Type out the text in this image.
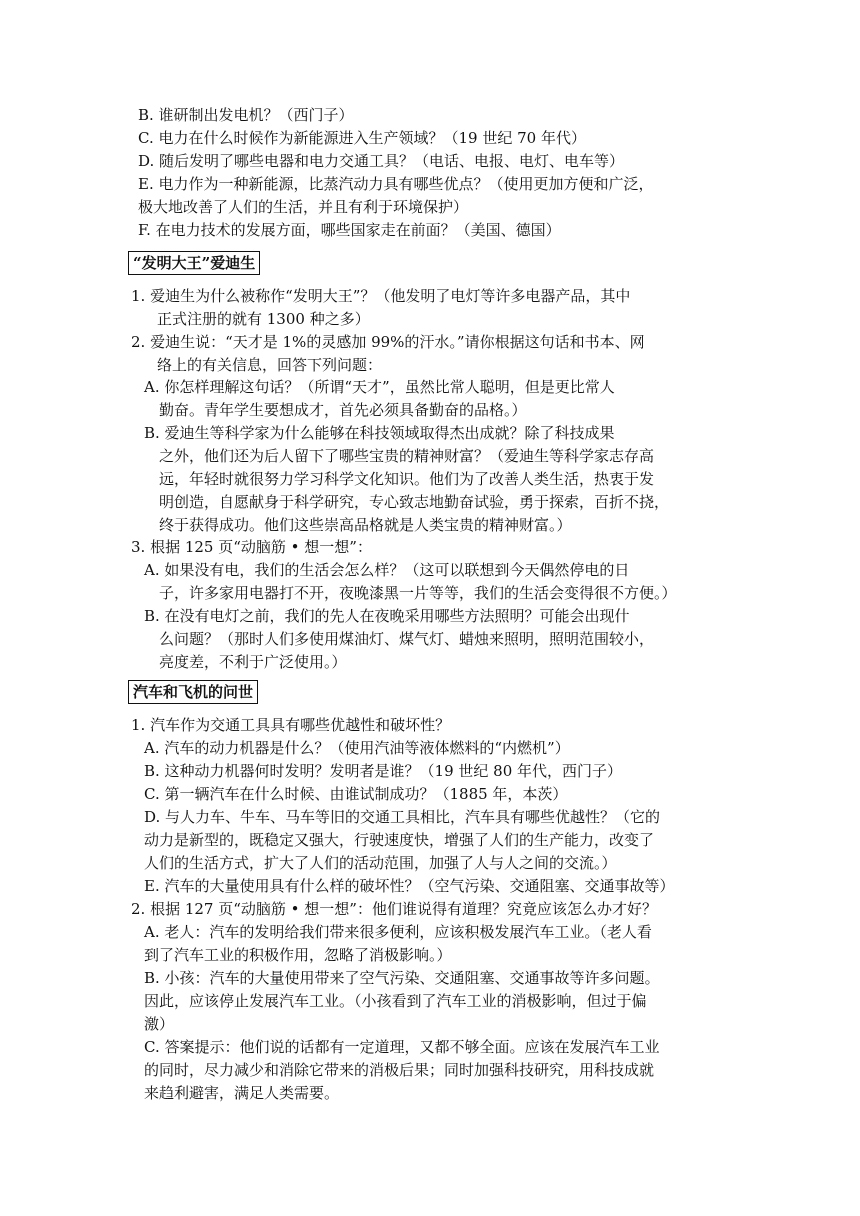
B. 谁研制出发电机？（西门子）
C. 电力在什么时候作为新能源进入生产领域？（19 世纪 70 年代）
D. 随后发明了哪些电器和电力交通工具？（电话、电报、电灯、电车等）
E. 电力作为一种新能源，比蒸汽动力具有哪些优点？（使用更加方便和广泛，
极大地改善了人们的生活，并且有利于环境保护）
F. 在电力技术的发展方面，哪些国家走在前面？（美国、德国）
“发明大王”爱迪生
1. 爱迪生为什么被称作“发明大王”？（他发明了电灯等许多电器产品，其中
正式注册的就有 1300 种之多）
2. 爱迪生说：“天才是 1%的灵感加 99%的汗水。”请你根据这句话和书本、网
络上的有关信息，回答下列问题：
A. 你怎样理解这句话？（所谓“天才”，虽然比常人聪明，但是更比常人
勤奋。青年学生要想成才，首先必须具备勤奋的品格。）
B. 爱迪生等科学家为什么能够在科技领域取得杰出成就？除了科技成果
之外，他们还为后人留下了哪些宝贵的精神财富？（爱迪生等科学家志存高
远，年轻时就很努力学习科学文化知识。他们为了改善人类生活，热衷于发
明创造，自愿献身于科学研究，专心致志地勤奋试验，勇于探索，百折不挠，
终于获得成功。他们这些崇高品格就是人类宝贵的精神财富。）
3. 根据 125 页“动脑筋 • 想一想”：
A. 如果没有电，我们的生活会怎么样？（这可以联想到今天偶然停电的日
子，许多家用电器打不开，夜晚漆黑一片等等，我们的生活会变得很不方便。）
B. 在没有电灯之前，我们的先人在夜晚采用哪些方法照明？可能会出现什
么问题？（那时人们多使用煤油灯、煤气灯、蜡烛来照明，照明范围较小，
亮度差，不利于广泛使用。）
汽车和飞机的问世
1. 汽车作为交通工具具有哪些优越性和破坏性？
A. 汽车的动力机器是什么？（使用汽油等液体燃料的“内燃机”）
B. 这种动力机器何时发明？发明者是谁？（19 世纪 80 年代，西门子）
C. 第一辆汽车在什么时候、由谁试制成功？（1885 年，本茨）
D. 与人力车、牛车、马车等旧的交通工具相比，汽车具有哪些优越性？（它的
动力是新型的，既稳定又强大，行驶速度快，增强了人们的生产能力，改变了
人们的生活方式，扩大了人们的活动范围，加强了人与人之间的交流。）
E. 汽车的大量使用具有什么样的破坏性？（空气污染、交通阻塞、交通事故等）
2. 根据 127 页“动脑筋 • 想一想”：他们谁说得有道理？究竟应该怎么办才好？
A. 老人：汽车的发明给我们带来很多便利，应该积极发展汽车工业。（老人看
到了汽车工业的积极作用，忽略了消极影响。）
B. 小孩：汽车的大量使用带来了空气污染、交通阻塞、交通事故等许多问题。
因此，应该停止发展汽车工业。（小孩看到了汽车工业的消极影响，但过于偏
激）
C. 答案提示：他们说的话都有一定道理，又都不够全面。应该在发展汽车工业
的同时，尽力减少和消除它带来的消极后果；同时加强科技研究，用科技成就
来趋利避害，满足人类需要。
